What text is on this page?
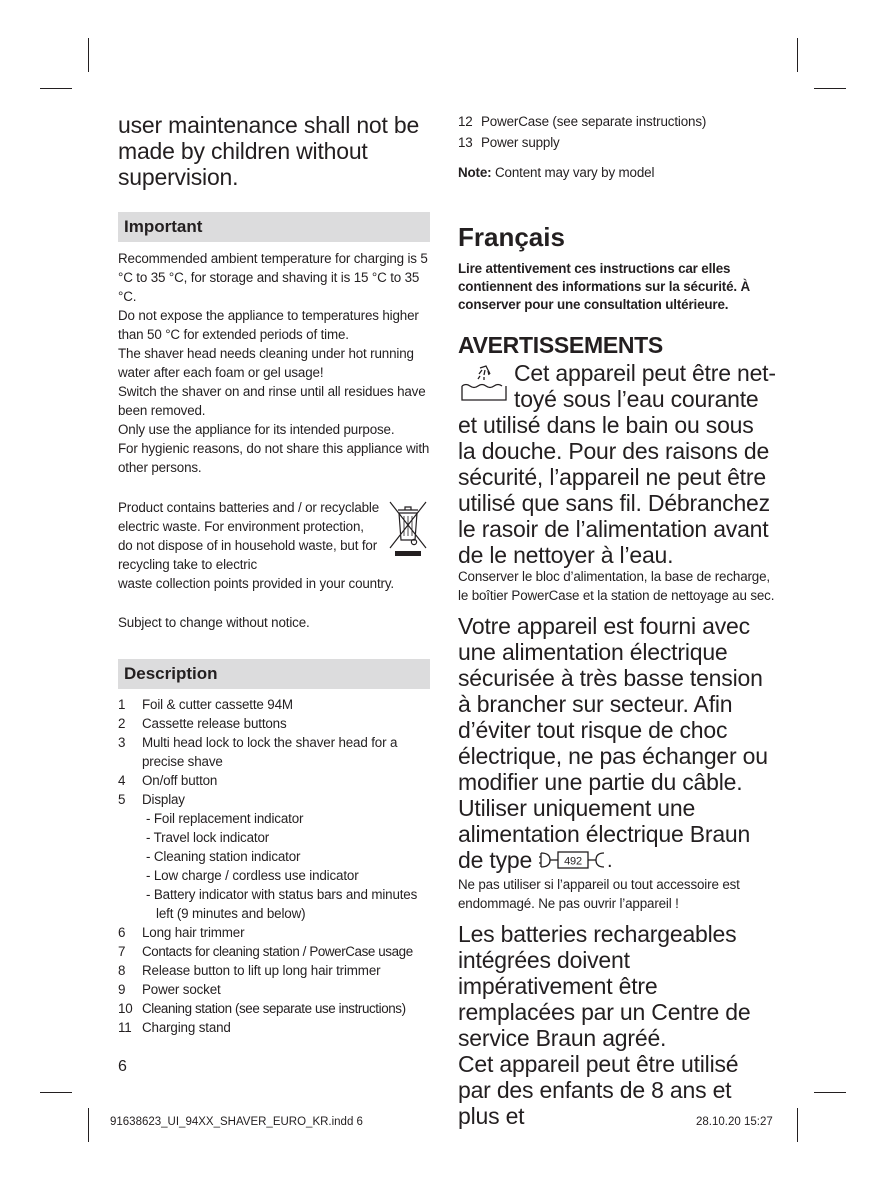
user maintenance shall not be made by children without supervision.
Important

Recommended ambient temperature for charging is 5 °C to 35 °C, for storage and shaving it is 15 °C to 35 °C.

Do not expose the appliance to temperatures higher than 50 °C for extended periods of time.

The shaver head needs cleaning under hot running water after each foam or gel usage!

Switch the shaver on and rinse until all residues have been removed.

Only use the appliance for its intended purpose.

For hygienic reasons, do not share this appliance with other persons.

Product contains batteries and / or recyclable electric waste. For environment protection, do not dispose of in household waste, but for recycling take to electric

waste collection points provided in your country.
Subject to change without notice.
Description
1	Foil & cutter cassette 94M
2	Cassette release buttons
3	Multi head lock to lock the shaver head for a precise shave
4	On/off button
5	Display
- Foil replacement indicator
- Travel lock indicator
- Cleaning station indicator
- Low charge / cordless use indicator
- Battery indicator with status bars and minutes left (9 minutes and below)
6	Long hair trimmer
7	Contacts for cleaning station / PowerCase usage
8	Release button to lift up long hair trimmer
9	Power socket
10 Cleaning station (see separate use instructions)
11 Charging stand
6
12 PowerCase (see separate instructions)
13 Power supply
Note: Content may vary by model
Français
Lire attentivement ces instructions car elles contiennent des informations sur la sécurité. À conserver pour une consultation ultérieure.
AVERTISSEMENTS
Cet appareil peut être net-toyé sous l’eau courante et utilisé dans le bain ou sous la douche. Pour des raisons de sécurité, l’appareil ne peut être utilisé que sans fil. Débranchez le rasoir de l’alimentation avant de le nettoyer à l’eau.
Conserver le bloc d’alimentation, la base de recharge, le boîtier PowerCase et la station de nettoyage au sec.
Votre appareil est fourni avec une alimentation électrique sécurisée à très basse tension à brancher sur secteur. Afin d’éviter tout risque de choc électrique, ne pas échanger ou modifier une partie du câble. Utiliser uniquement une alimentation électrique Braun de type	492 .
Ne pas utiliser si l’appareil ou tout accessoire est endommagé. Ne pas ouvrir l’appareil !
Les batteries rechargeables intégrées doivent impérativement être remplacées par un Centre de service Braun agréé.
Cet appareil peut être utilisé par des enfants de 8 ans et plus et
91638623_UI_94XX_SHAVER_EURO_KR.indd 6	28.10.20 15:27
